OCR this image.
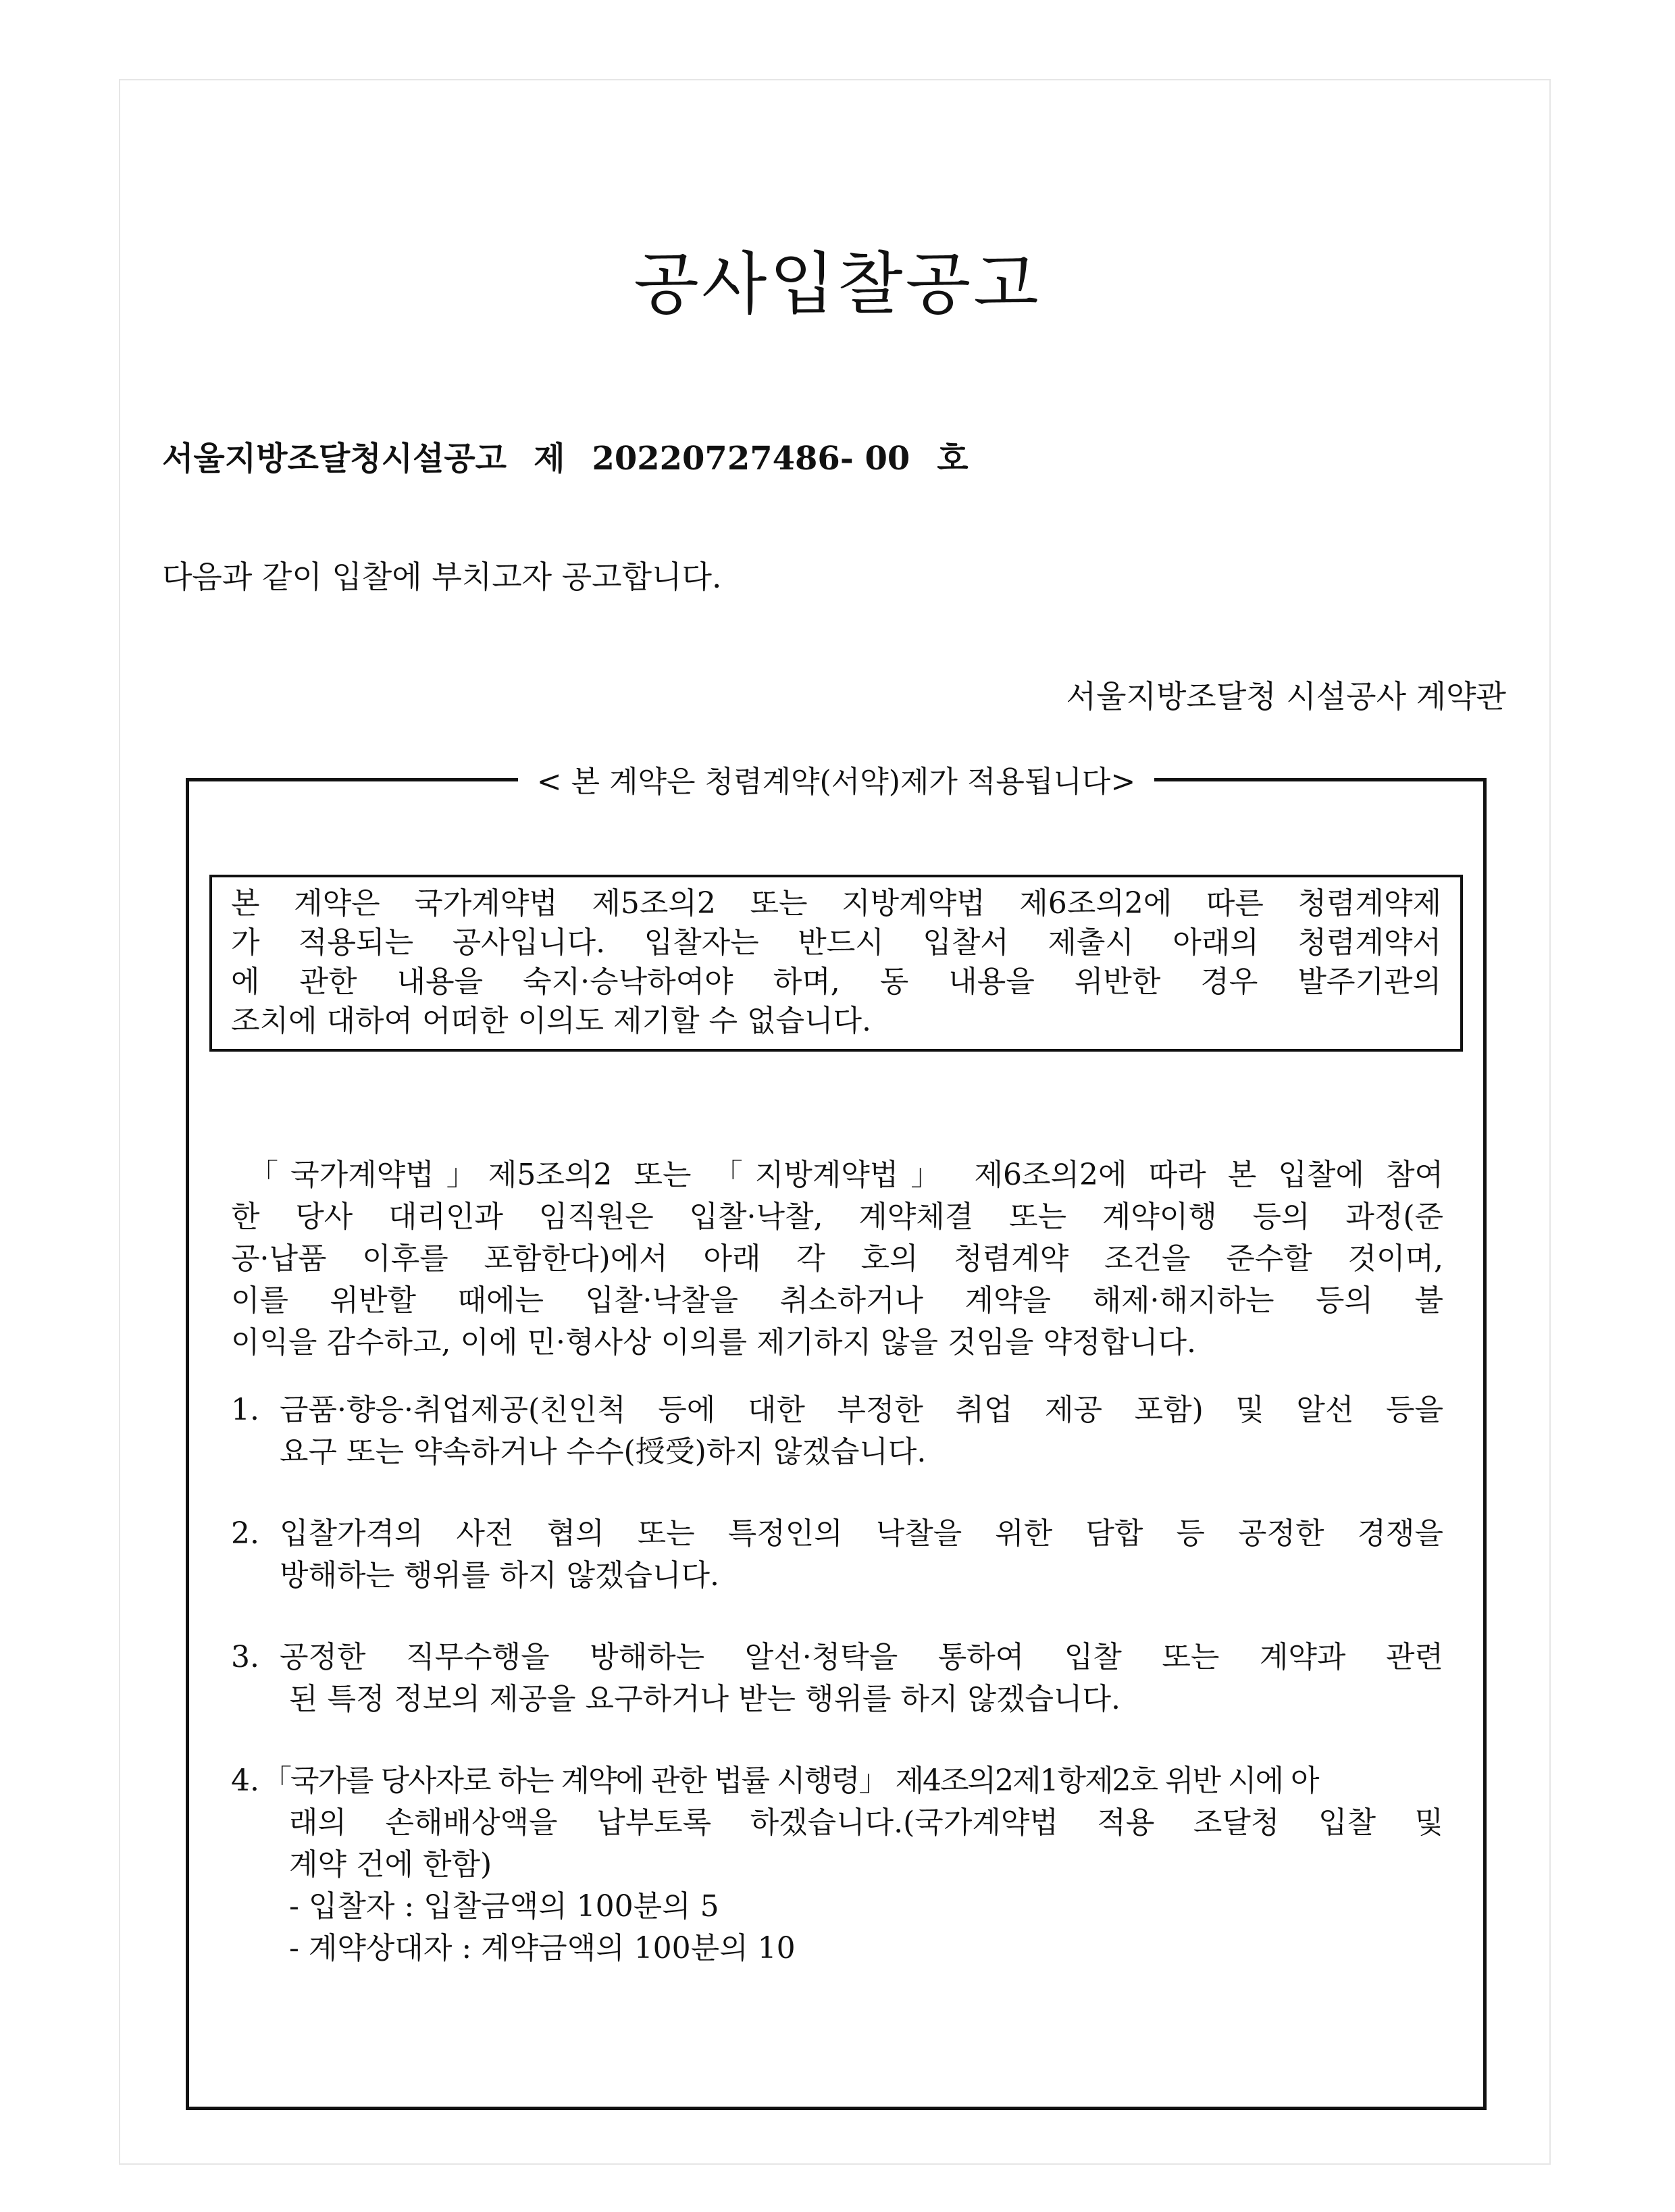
공사입찰공고
서울지방조달청시설공고 제 20220727486- 00 호
다음과 같이 입찰에 부치고자 공고합니다.
서울지방조달청 시설공사 계약관
< 본 계약은 청렴계약(서약)제가 적용됩니다>
본 계약은 국가계약법 제5조의2 또는 지방계약법 제6조의2에 따른 청렴계약제
가 적용되는 공사입니다. 입찰자는 반드시 입찰서 제출시 아래의 청렴계약서
에 관한 내용을 숙지·승낙하여야 하며, 동 내용을 위반한 경우 발주기관의
조치에 대하여 어떠한 이의도 제기할 수 없습니다.
「국가계약법」제5조의2 또는 「지방계약법」 제6조의2에 따라 본 입찰에 참여
한 당사 대리인과 임직원은 입찰·낙찰, 계약체결 또는 계약이행 등의 과정(준
공·납품 이후를 포함한다)에서 아래 각 호의 청렴계약 조건을 준수할 것이며,
이를 위반할 때에는 입찰·낙찰을 취소하거나 계약을 해제·해지하는 등의 불
이익을 감수하고, 이에 민·형사상 이의를 제기하지 않을 것임을 약정합니다.
1. 금품·향응·취업제공(친인척 등에 대한 부정한 취업 제공 포함) 및 알선 등을
요구 또는 약속하거나 수수(授受)하지 않겠습니다.
2. 입찰가격의 사전 협의 또는 특정인의 낙찰을 위한 담합 등 공정한 경쟁을
방해하는 행위를 하지 않겠습니다.
3. 공정한 직무수행을 방해하는 알선·청탁을 통하여 입찰 또는 계약과 관련
된 특정 정보의 제공을 요구하거나 받는 행위를 하지 않겠습니다.
4. 「국가를 당사자로 하는 계약에 관한 법률 시행령」 제4조의2제1항제2호 위반 시에 아
래의 손해배상액을 납부토록 하겠습니다.(국가계약법 적용 조달청 입찰 및
계약 건에 한함)
- 입찰자 : 입찰금액의 100분의 5
- 계약상대자 : 계약금액의 100분의 10
